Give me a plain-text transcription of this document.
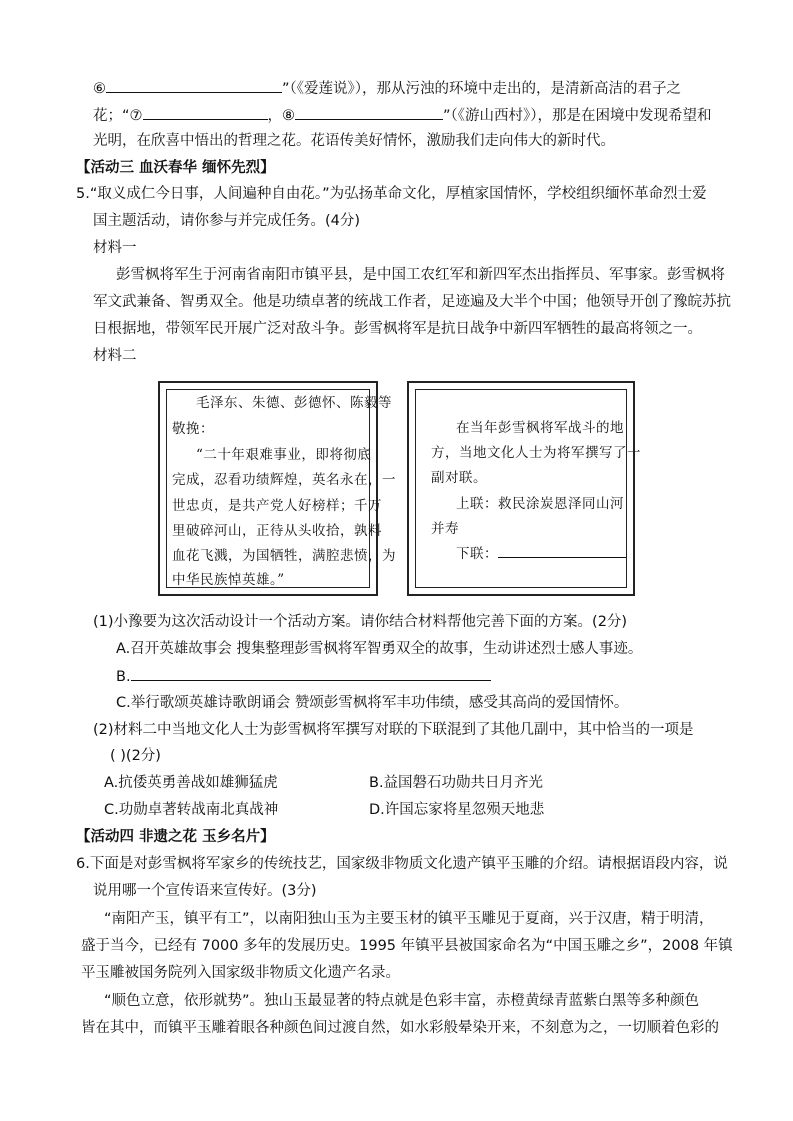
⑥	”（《爱莲说》），那从污浊的环境中走出的，是清新高洁的君子之
花；“⑦	，⑧	”（《游山西村》），那是在困境中发现希望和
光明，在欣喜中悟出的哲理之花。花语传美好情怀，激励我们走向伟大的新时代。
【活动三 血沃春华 缅怀先烈】
5.“取义成仁今日事，人间遍种自由花。”为弘扬革命文化，厚植家国情怀，学校组织缅怀革命烈士爱
国主题活动，请你参与并完成任务。(4分)
材料一
彭雪枫将军生于河南省南阳市镇平县，是中国工农红军和新四军杰出指挥员、军事家。彭雪枫将
军文武兼备、智勇双全。他是功绩卓著的统战工作者，足迹遍及大半个中国；他领导开创了豫皖苏抗
日根据地，带领军民开展广泛对敌斗争。彭雪枫将军是抗日战争中新四军牺牲的最高将领之一。
材料二
毛泽东、朱德、彭德怀、陈毅等
敬挽：
“二十年艰难事业，即将彻底
完成，忍看功绩辉煌，英名永在，一
世忠贞，是共产党人好榜样；千万
里破碎河山，正待从头收拾，孰料
血花飞溅，为国牺牲，满腔悲愤，为
中华民族悼英雄。”
在当年彭雪枫将军战斗的地
方，当地文化人士为将军撰写了一
副对联。
上联：救民涂炭恩泽同山河
并寿
下联：
(1)小豫要为这次活动设计一个活动方案。请你结合材料帮他完善下面的方案。(2分)
A.召开英雄故事会 搜集整理彭雪枫将军智勇双全的故事，生动讲述烈士感人事迹。
B.
C.举行歌颂英雄诗歌朗诵会 赞颂彭雪枫将军丰功伟绩，感受其高尚的爱国情怀。
(2)材料二中当地文化人士为彭雪枫将军撰写对联的下联混到了其他几副中，其中恰当的一项是
( )(2分)
A.抗倭英勇善战如雄狮猛虎	B.益国磐石功勋共日月齐光
C.功勋卓著转战南北真战神	D.许国忘家将星忽殒天地悲
【活动四 非遗之花 玉乡名片】
6.下面是对彭雪枫将军家乡的传统技艺，国家级非物质文化遗产镇平玉雕的介绍。请根据语段内容，说
说用哪一个宣传语来宣传好。(3分)
“南阳产玉，镇平有工”，以南阳独山玉为主要玉材的镇平玉雕见于夏商，兴于汉唐，精于明清，
盛于当今，已经有 7000 多年的发展历史。1995 年镇平县被国家命名为“中国玉雕之乡”，2008 年镇
平玉雕被国务院列入国家级非物质文化遗产名录。
“顺色立意，依形就势”。独山玉最显著的特点就是色彩丰富，赤橙黄绿青蓝紫白黑等多种颜色
皆在其中，而镇平玉雕着眼各种颜色间过渡自然，如水彩般晕染开来，不刻意为之，一切顺着色彩的
